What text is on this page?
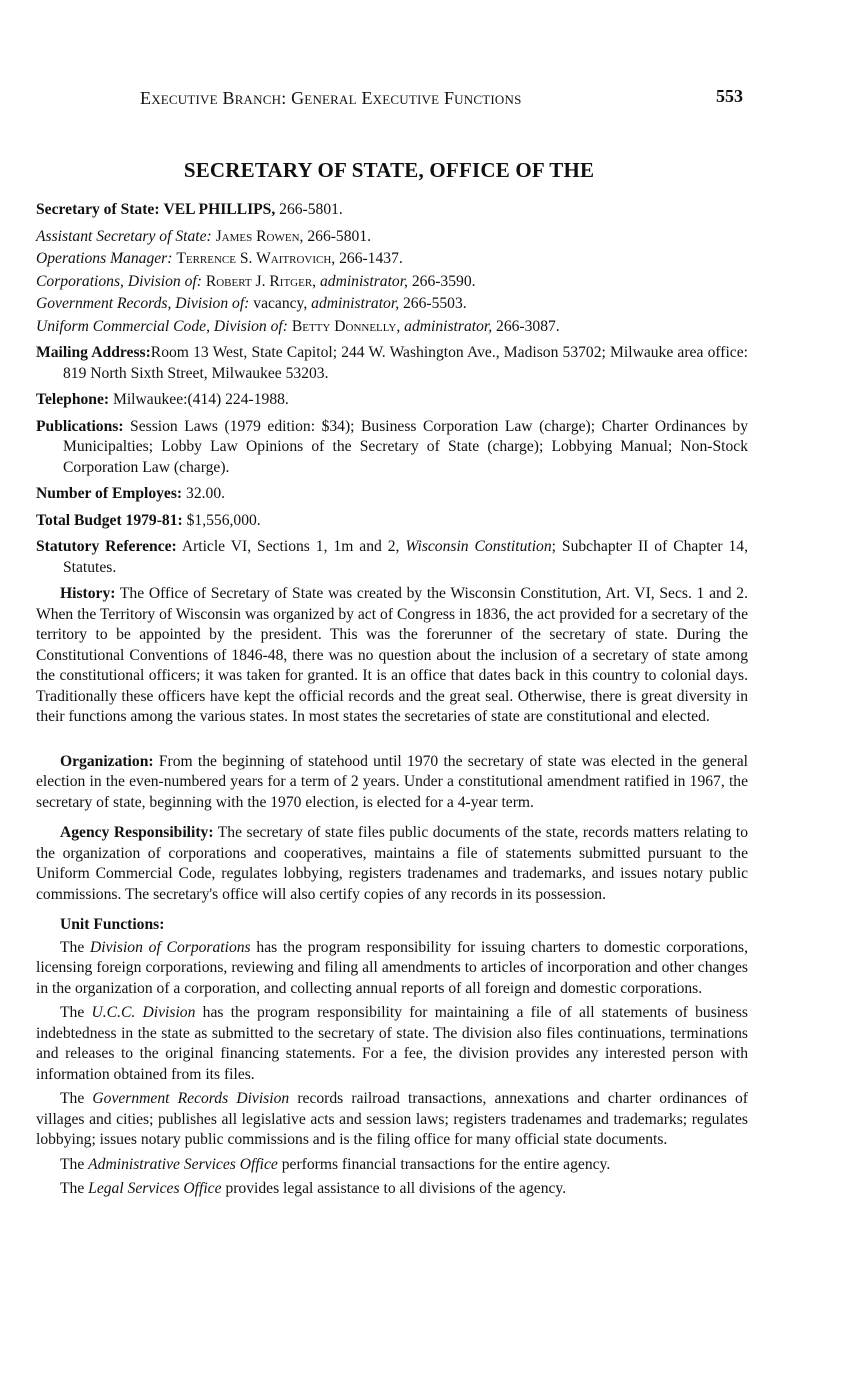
Executive Branch: General Executive Functions	553
SECRETARY OF STATE, OFFICE OF THE

Secretary of State: VEL PHILLIPS, 266-5801.

Assistant Secretary of State: James Rowen, 266-5801.

Operations Manager: Terrence S. Waitrovich, 266-1437.

Corporations, Division of: Robert J. Ritger, administrator, 266-3590.

Government Records, Division of: vacancy, administrator, 266-5503.

Uniform Commercial Code, Division of: Betty Donnelly, administrator, 266-3087.

Mailing Address:Room 13 West, State Capitol; 244 W. Washington Ave., Madison 53702; Milwauke area office: 819 North Sixth Street, Milwaukee 53203.

Telephone: Milwaukee:(414) 224-1988.

Publications: Session Laws (1979 edition: $34); Business Corporation Law (charge); Charter Ordinances by Municipalties; Lobby Law Opinions of the Secretary of State (charge); Lobbying Manual; Non-Stock Corporation Law (charge).

Number of Employes: 32.00.

Total Budget 1979-81: $1,556,000.

Statutory Reference: Article VI, Sections 1, 1m and 2, Wisconsin Constitution; Subchapter II of Chapter 14, Statutes.

History: The Office of Secretary of State was created by the Wisconsin Constitution, Art. VI, Secs. 1 and 2. When the Territory of Wisconsin was organized by act of Congress in 1836, the act provided for a secretary of the territory to be appointed by the president. This was the forerunner of the secretary of state. During the Constitutional Conventions of 1846-48, there was no question about the inclusion of a secretary of state among the constitutional officers; it was taken for granted. It is an office that dates back in this country to colonial days. Traditionally these officers have kept the official records and the great seal. Otherwise, there is great diversity in their functions among the various states. In most states the secretaries of state are constitutional and elected.

Organization: From the beginning of statehood until 1970 the secretary of state was elected in the general election in the even-numbered years for a term of 2 years. Under a constitutional amendment ratified in 1967, the secretary of state, beginning with the 1970 election, is elected for a 4-year term.

Agency Responsibility: The secretary of state files public documents of the state, records matters relating to the organization of corporations and cooperatives, maintains a file of statements submitted pursuant to the Uniform Commercial Code, regulates lobbying, registers tradenames and trademarks, and issues notary public commissions. The secretary's office will also certify copies of any records in its possession.

Unit Functions:

The Division of Corporations has the program responsibility for issuing charters to domestic corporations, licensing foreign corporations, reviewing and filing all amendments to articles of incorporation and other changes in the organization of a corporation, and collecting annual reports of all foreign and domestic corporations.

The U.C.C. Division has the program responsibility for maintaining a file of all statements of business indebtedness in the state as submitted to the secretary of state. The division also files continuations, terminations and releases to the original financing statements. For a fee, the division provides any interested person with information obtained from its files.

The Government Records Division records railroad transactions, annexations and charter ordinances of villages and cities; publishes all legislative acts and session laws; registers tradenames and trademarks; regulates lobbying; issues notary public commissions and is the filing office for many official state documents.

The Administrative Services Office performs financial transactions for the entire agency.

The Legal Services Office provides legal assistance to all divisions of the agency.
